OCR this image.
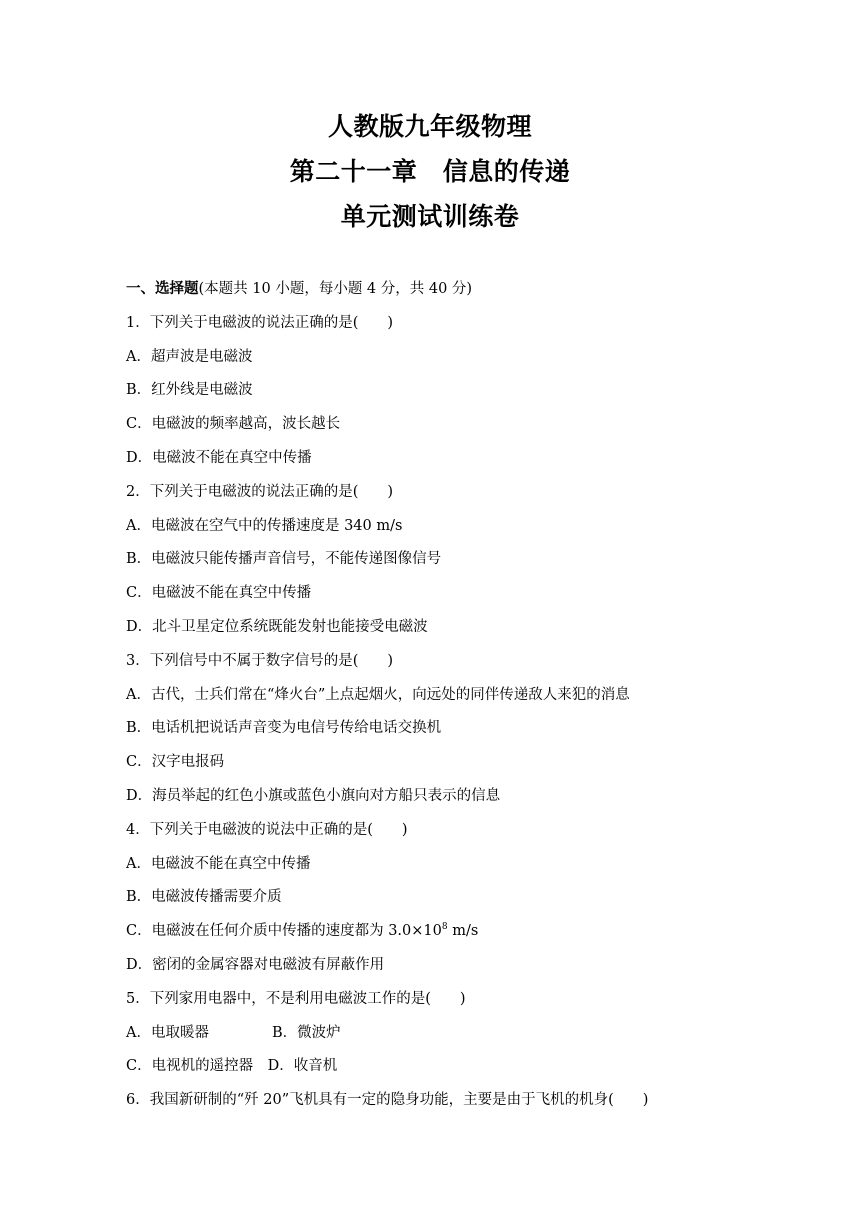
人教版九年级物理
第二十一章　信息的传递
单元测试训练卷
一、选择题(本题共 10 小题，每小题 4 分，共 40 分)
1．下列关于电磁波的说法正确的是(　　)
A．超声波是电磁波
B．红外线是电磁波
C．电磁波的频率越高，波长越长
D．电磁波不能在真空中传播
2．下列关于电磁波的说法正确的是(　　)
A．电磁波在空气中的传播速度是 340 m/s
B．电磁波只能传播声音信号，不能传递图像信号
C．电磁波不能在真空中传播
D．北斗卫星定位系统既能发射也能接受电磁波
3．下列信号中不属于数字信号的是(　　)
A．古代，士兵们常在“烽火台”上点起烟火，向远处的同伴传递敌人来犯的消息
B．电话机把说话声音变为电信号传给电话交换机
C．汉字电报码
D．海员举起的红色小旗或蓝色小旗向对方船只表示的信息
4．下列关于电磁波的说法中正确的是(　　)
A．电磁波不能在真空中传播
B．电磁波传播需要介质
C．电磁波在任何介质中传播的速度都为 $3.0\times 10^8$ m/s
D．密闭的金属容器对电磁波有屏蔽作用
5．下列家用电器中，不是利用电磁波工作的是(　　)
A．电取暖器	B．微波炉
C．电视机的遥控器　 D．收音机
6．我国新研制的“歼 20”飞机具有一定的隐身功能，主要是由于飞机的机身(　　)
